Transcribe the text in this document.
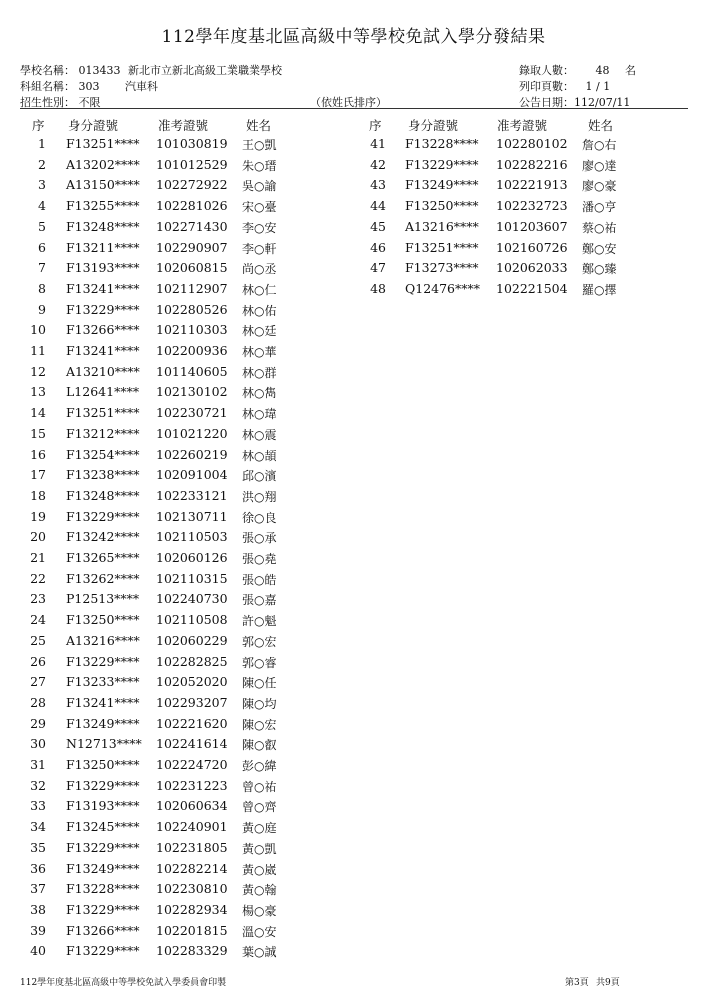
112學年度基北區高級中等學校免試入學分發結果
學校名稱： 013433 新北市立新北高級工業職業學校
科組名稱： 303 汽車科
招生性別： 不限	（依姓氏排序）
錄取人數： 48 名
列印頁數： 1 / 1
公告日期：112/07/11
序 身分證號	准考證號	姓名	序 身分證號	准考證號	姓名
1 F13251**** 101030819 王○凱
2 A13202**** 101012529 朱○瑨
3 A13150**** 102272922 吳○諭
4 F13255**** 102281026 宋○臺
5 F13248**** 102271430 李○安
6 F13211**** 102290907 李○軒
7 F13193**** 102060815 尚○丞
8 F13241**** 102112907 林○仁
9 F13229**** 102280526 林○佑
10 F13266**** 102110303 林○廷
11 F13241**** 102200936 林○華
12 A13210**** 101140605 林○群
13 L12641**** 102130102 林○雋
14 F13251**** 102230721 林○瑋
15 F13212**** 101021220 林○震
16 F13254**** 102260219 林○頡
17 F13238**** 102091004 邱○濱
18 F13248**** 102233121 洪○翔
19 F13229**** 102130711 徐○良
20 F13242**** 102110503 張○承
21 F13265**** 102060126 張○堯
22 F13262**** 102110315 張○皓
23 P12513**** 102240730 張○嘉
24 F13250**** 102110508 許○魁
25 A13216**** 102060229 郭○宏
26 F13229**** 102282825 郭○睿
27 F13233**** 102052020 陳○任
28 F13241**** 102293207 陳○均
29 F13249**** 102221620 陳○宏
30 N12713**** 102241614 陳○叡
31 F13250**** 102224720 彭○緯
32 F13229**** 102231223 曾○祐
33 F13193**** 102060634 曾○齊
34 F13245**** 102240901 黃○庭
35 F13229**** 102231805 黃○凱
36 F13249**** 102282214 黃○崴
37 F13228**** 102230810 黃○翰
38 F13229**** 102282934 楊○豪
39 F13266**** 102201815 溫○安
40 F13229**** 102283329 葉○誠
41 F13228**** 102280102 詹○右
42 F13229**** 102282216 廖○達
43 F13249**** 102221913 廖○豪
44 F13250**** 102232723 潘○亨
45 A13216**** 101203607 蔡○祐
46 F13251**** 102160726 鄭○安
47 F13273**** 102062033 鄭○臻
48 Q12476**** 102221504 羅○擇
112學年度基北區高級中等學校免試入學委員會印製	第3頁 共9頁
